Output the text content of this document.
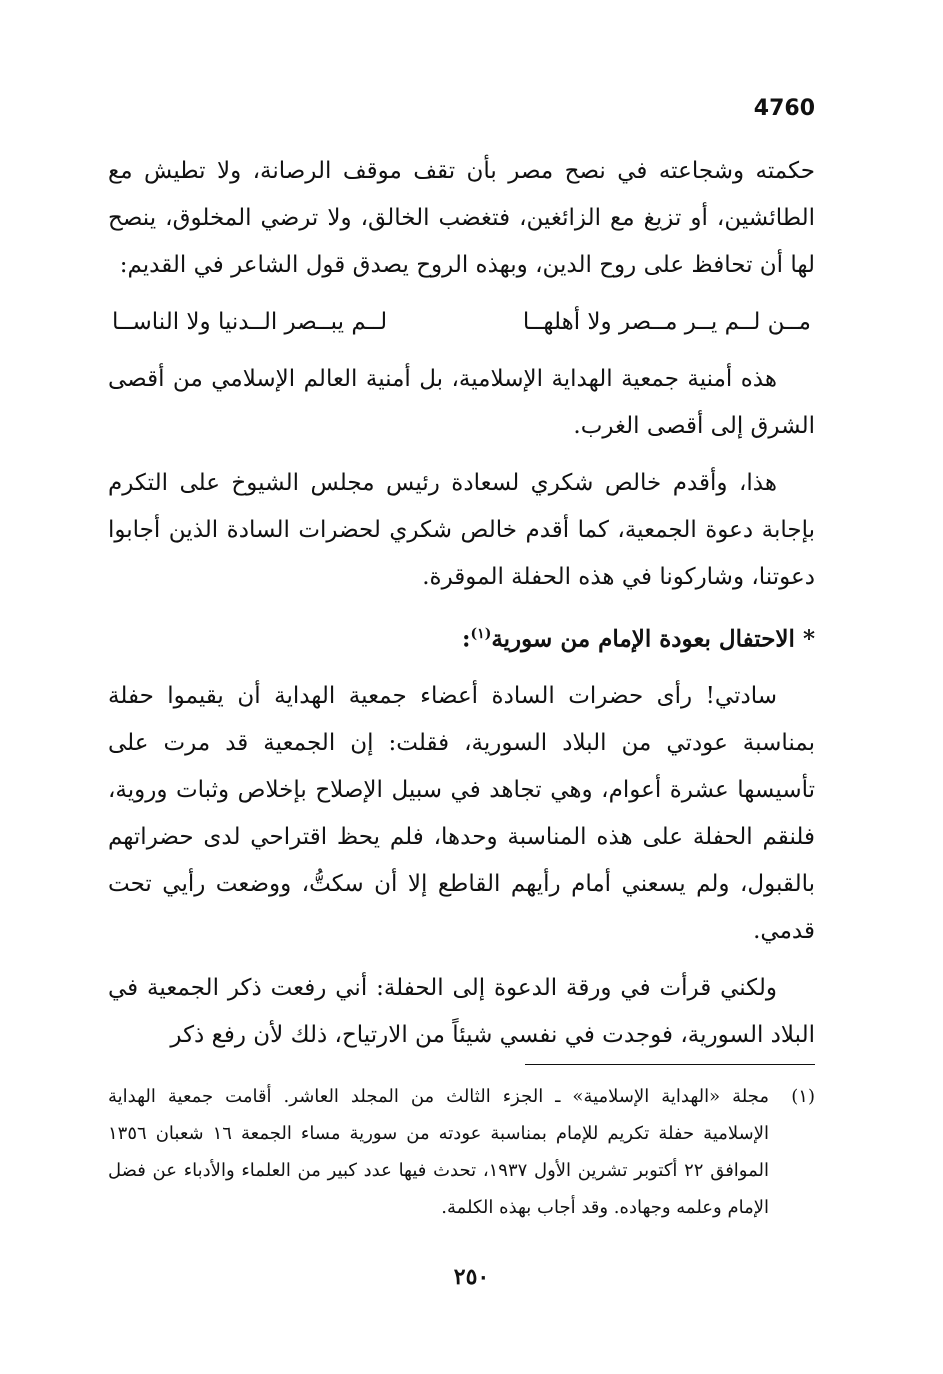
4760

حكمته وشجاعته في نصح مصر بأن تقف موقف الرصانة، ولا تطيش مع الطائشين، أو تزيغ مع الزائغين، فتغضب الخالق، ولا ترضي المخلوق، ينصح لها أن تحافظ على روح الدين، وبهذه الروح يصدق قول الشاعر في القديم:

مــن لــم يــر مــصر ولا أهلهــا
لــم يبــصر الــدنيا ولا الناســا

هذه أمنية جمعية الهداية الإسلامية، بل أمنية العالم الإسلامي من أقصى الشرق إلى أقصى الغرب.

هذا، وأقدم خالص شكري لسعادة رئيس مجلس الشيوخ على التكرم بإجابة دعوة الجمعية، كما أقدم خالص شكري لحضرات السادة الذين أجابوا دعوتنا، وشاركونا في هذه الحفلة الموقرة.

* الاحتفال بعودة الإمام من سورية$^{(١)}$:

سادتي! رأى حضرات السادة أعضاء جمعية الهداية أن يقيموا حفلة بمناسبة عودتي من البلاد السورية، فقلت: إن الجمعية قد مرت على تأسيسها عشرة أعوام، وهي تجاهد في سبيل الإصلاح بإخلاص وثبات وروية، فلنقم الحفلة على هذه المناسبة وحدها، فلم يحظ اقتراحي لدى حضراتهم بالقبول، ولم يسعني أمام رأيهم القاطع إلا أن سكتُّ، ووضعت رأيي تحت قدمي.

ولكني قرأت في ورقة الدعوة إلى الحفلة: أني رفعت ذكر الجمعية في البلاد السورية، فوجدت في نفسي شيئاً من الارتياح، ذلك لأن رفع ذكر

(١)مجلة «الهداية الإسلامية» ـ الجزء الثالث من المجلد العاشر. أقامت جمعية الهداية الإسلامية حفلة تكريم للإمام بمناسبة عودته من سورية مساء الجمعة ١٦ شعبان ١٣٥٦ الموافق ٢٢ أكتوبر تشرين الأول ١٩٣٧، تحدث فيها عدد كبير من العلماء والأدباء عن فضل الإمام وعلمه وجهاده. وقد أجاب بهذه الكلمة.
٢٥٠
